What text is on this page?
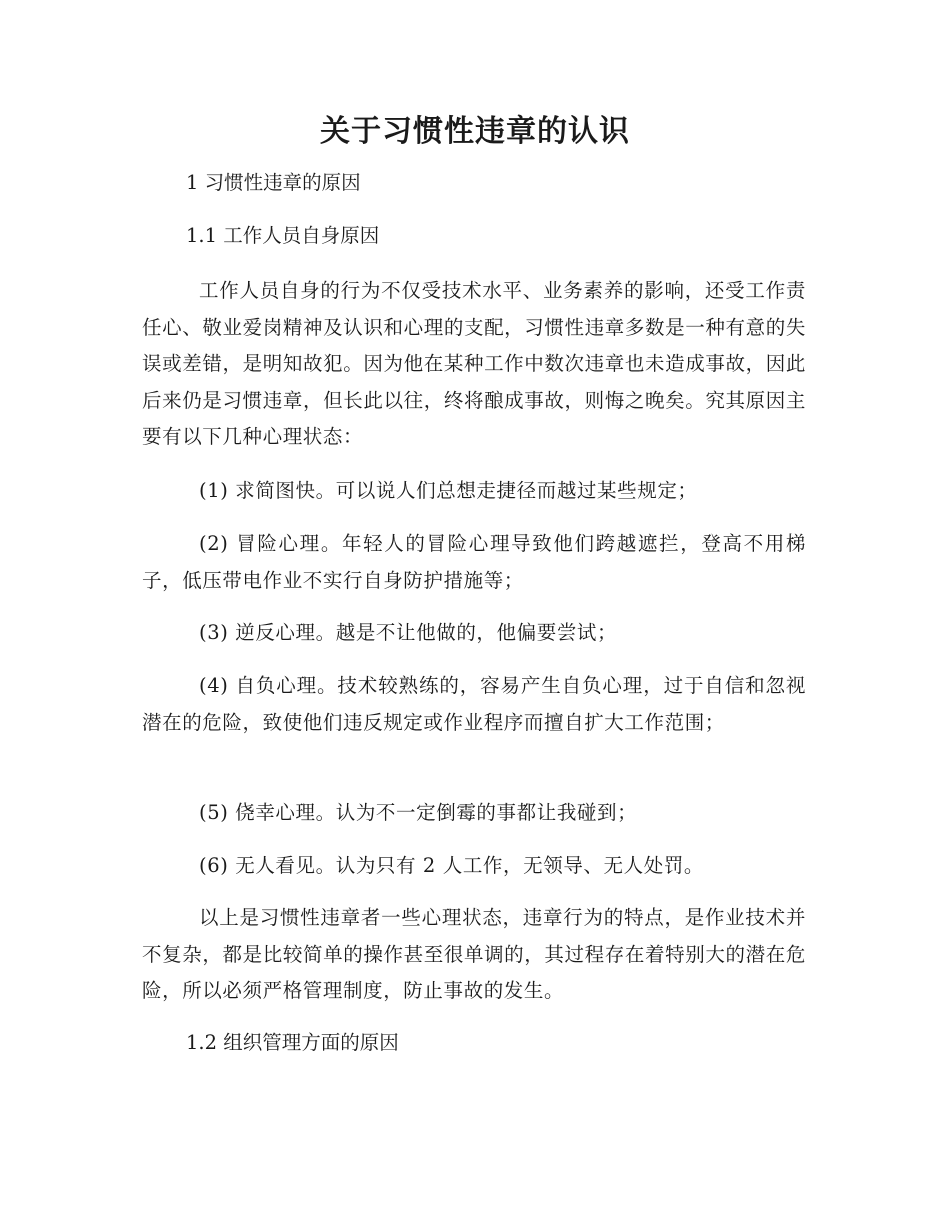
关于习惯性违章的认识

1 习惯性违章的原因

1.1 工作人员自身原因

工作人员自身的行为不仅受技术水平、业务素养的影响，还受工作责任心、敬业爱岗精神及认识和心理的支配，习惯性违章多数是一种有意的失误或差错，是明知故犯。因为他在某种工作中数次违章也未造成事故，因此后来仍是习惯违章，但长此以往，终将酿成事故，则悔之晚矣。究其原因主要有以下几种心理状态：

(1) 求简图快。可以说人们总想走捷径而越过某些规定；

(2) 冒险心理。年轻人的冒险心理导致他们跨越遮拦，登高不用梯子，低压带电作业不实行自身防护措施等；

(3) 逆反心理。越是不让他做的，他偏要尝试；

(4) 自负心理。技术较熟练的，容易产生自负心理，过于自信和忽视潜在的危险，致使他们违反规定或作业程序而擅自扩大工作范围；

(5) 侥幸心理。认为不一定倒霉的事都让我碰到；

(6) 无人看见。认为只有 2 人工作，无领导、无人处罚。

以上是习惯性违章者一些心理状态，违章行为的特点，是作业技术并不复杂，都是比较简单的操作甚至很单调的，其过程存在着特别大的潜在危险，所以必须严格管理制度，防止事故的发生。

1.2 组织管理方面的原因
